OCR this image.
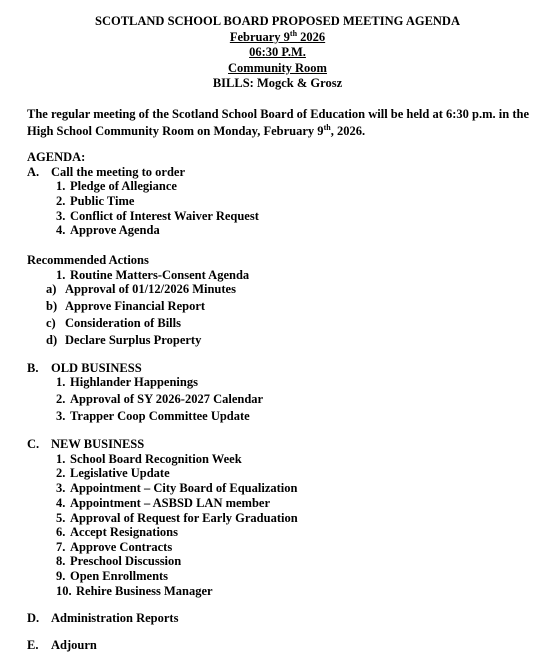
SCOTLAND SCHOOL BOARD PROPOSED MEETING AGENDA
February 9th 2026
06:30 P.M.
Community Room
BILLS: Mogck & Grosz
The regular meeting of the Scotland School Board of Education will be held at 6:30 p.m. in the High School Community Room on Monday, February 9th, 2026.
AGENDA:
A. Call the meeting to order
1. Pledge of Allegiance
2. Public Time
3. Conflict of Interest Waiver Request
4. Approve Agenda
Recommended Actions
1. Routine Matters-Consent Agenda
a) Approval of 01/12/2026 Minutes
b) Approve Financial Report
c) Consideration of Bills
d) Declare Surplus Property
B. OLD BUSINESS
1. Highlander Happenings
2. Approval of SY 2026-2027 Calendar
3. Trapper Coop Committee Update
C. NEW BUSINESS
1. School Board Recognition Week
2. Legislative Update
3. Appointment – City Board of Equalization
4. Appointment – ASBSD LAN member
5. Approval of Request for Early Graduation
6. Accept Resignations
7. Approve Contracts
8. Preschool Discussion
9. Open Enrollments
10. Rehire Business Manager
D. Administration Reports
E. Adjourn
